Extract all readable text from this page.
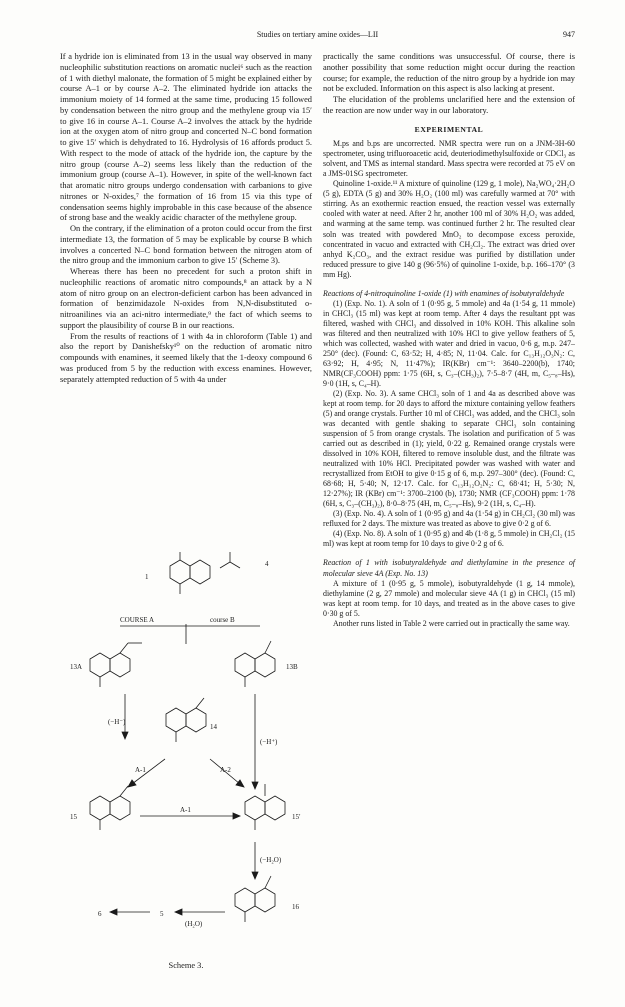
Studies on tertiary amine oxides—LII	947

If a hydride ion is eliminated from 13 in the usual way observed in many nucleophilic substitution reactions on aromatic nuclei⁶ such as the reaction of 1 with diethyl malonate, the formation of 5 might be explained either by course A–1 or by course A–2. The eliminated hydride ion attacks the immonium moiety of 14 formed at the same time, producing 15 followed by condensation between the nitro group and the methylene group via 15′ to give 16 in course A–1. Course A–2 involves the attack by the hydride ion at the oxygen atom of nitro group and concerted N–C bond formation to give 15′ which is dehydrated to 16. Hydrolysis of 16 affords product 5. With respect to the mode of attack of the hydride ion, the capture by the nitro group (course A–2) seems less likely than the reduction of the immonium group (course A–1). However, in spite of the well-known fact that aromatic nitro groups undergo condensation with carbanions to give nitrones or N-oxides,⁷ the formation of 16 from 15 via this type of condensation seems highly improbable in this case because of the absence of strong base and the weakly acidic character of the methylene group.

On the contrary, if the elimination of a proton could occur from the first intermediate 13, the formation of 5 may be explicable by course B which involves a concerted N–C bond formation between the nitrogen atom of the nitro group and the immonium carbon to give 15′ (Scheme 3).

Whereas there has been no precedent for such a proton shift in nucleophilic reactions of aromatic nitro compounds,⁸ an attack by a N atom of nitro group on an electron-deficient carbon has been advanced in formation of benzimidazole N-oxides from N,N-disubstituted o-nitroanilines via an aci-nitro intermediate,⁹ the fact of which seems to support the plausibility of course B in our reactions.

From the results of reactions of 1 with 4a in chloroform (Table 1) and also the report by Danishefsky¹⁰ on the reduction of aromatic nitro compounds with enamines, it seemed likely that the 1-deoxy compound 6 was produced from 5 by the reduction with excess enamines. However, separately attempted reduction of 5 with 4a under

1
4
COURSE A	course B
13A	13B
14
(−H⁻)
A-1	A-2
(−H⁺)
15
A-1
15′
(−H₂O)
16
5
6
(H₂O)
Scheme 3.

practically the same conditions was unsuccessful. Of course, there is another possibility that some reduction might occur during the reaction course; for example, the reduction of the nitro group by a hydride ion may not be excluded. Information on this aspect is also lacking at present.

The elucidation of the problems unclarified here and the extension of the reaction are now under way in our laboratory.

EXPERIMENTAL

M.ps and b.ps are uncorrected. NMR spectra were run on a JNM-3H-60 spectrometer, using trifluoroacetic acid, deuteriodimethylsulfoxide or CDCl₃ as solvent, and TMS as internal standard. Mass spectra were recorded at 75 eV on a JMS-01SG spectrometer.

Quinoline 1-oxide.¹¹ A mixture of quinoline (129 g, 1 mole), Na₂WO₄·2H₂O (5 g), EDTA (5 g) and 30% H₂O₂ (100 ml) was carefully warmed at 70° with stirring. As an exothermic reaction ensued, the reaction vessel was externally cooled with water at need. After 2 hr, another 100 ml of 30% H₂O₂ was added, and warming at the same temp. was continued further 2 hr. The resulted clear soln was treated with powdered MnO₂ to decompose excess peroxide, concentrated in vacuo and extracted with CH₂Cl₂. The extract was dried over anhyd K₂CO₃, and the extract residue was purified by distillation under reduced pressure to give 140 g (96·5%) of quinoline 1-oxide, b.p. 166–170° (3 mm Hg).

Reactions of 4-nitroquinoline 1-oxide (1) with enamines of isobutyraldehyde

(1) (Exp. No. 1). A soln of 1 (0·95 g, 5 mmole) and 4a (1·54 g, 11 mmole) in CHCl₃ (15 ml) was kept at room temp. After 4 days the resultant ppt was filtered, washed with CHCl₃ and dissolved in 10% KOH. This alkaline soln was filtered and then neutralized with 10% HCl to give yellow feathers of 5, which was collected, washed with water and dried in vacuo, 0·6 g, m.p. 247–250° (dec). (Found: C, 63·52; H, 4·85; N, 11·04. Calc. for C₁₃H₁₂O₃N₂: C, 63·92; H, 4·95; N, 11·47%); IR(KBr) cm⁻¹: 3640–2200(b), 1740; NMR(CF₃COOH) ppm: 1·75 (6H, s, C₃–(CH₃)₂), 7·5–8·7 (4H, m, C₅–₈–Hs), 9·0 (1H, s, C₄–H).

(2) (Exp. No. 3). A same CHCl₃ soln of 1 and 4a as described above was kept at room temp. for 20 days to afford the mixture containing yellow feathers (5) and orange crystals. Further 10 ml of CHCl₃ was added, and the CHCl₃ soln was decanted with gentle shaking to separate CHCl₃ soln containing suspension of 5 from orange crystals. The isolation and purification of 5 was carried out as described in (1); yield, 0·22 g. Remained orange crystals were dissolved in 10% KOH, filtered to remove insoluble dust, and the filtrate was neutralized with 10% HCl. Precipitated powder was washed with water and recrystallized from EtOH to give 0·15 g of 6, m.p. 297–300° (dec). (Found: C, 68·68; H, 5·40; N, 12·17. Calc. for C₁₃H₁₂O₂N₂: C, 68·41; H, 5·30; N, 12·27%); IR (KBr) cm⁻¹: 3700–2100 (b), 1730; NMR (CF₃COOH) ppm: 1·78 (6H, s, C₃–(CH₃)₂), 8·0–8·75 (4H, m, C₅–₈–Hs), 9·2 (1H, s, C₄–H).

(3) (Exp. No. 4). A soln of 1 (0·95 g) and 4a (1·54 g) in CH₂Cl₂ (30 ml) was refluxed for 2 days. The mixture was treated as above to give 0·2 g of 6.

(4) (Exp. No. 8). A soln of 1 (0·95 g) and 4b (1·8 g, 5 mmole) in CH₂Cl₂ (15 ml) was kept at room temp for 10 days to give 0·2 g of 6.

Reaction of 1 with isobutyraldehyde and diethylamine in the presence of molecular sieve 4A (Exp. No. 13)

A mixture of 1 (0·95 g, 5 mmole), isobutyraldehyde (1 g, 14 mmole), diethylamine (2 g, 27 mmole) and molecular sieve 4A (1 g) in CHCl₃ (15 ml) was kept at room temp. for 10 days, and treated as in the above cases to give 0·30 g of 5.

Another runs listed in Table 2 were carried out in practically the same way.
